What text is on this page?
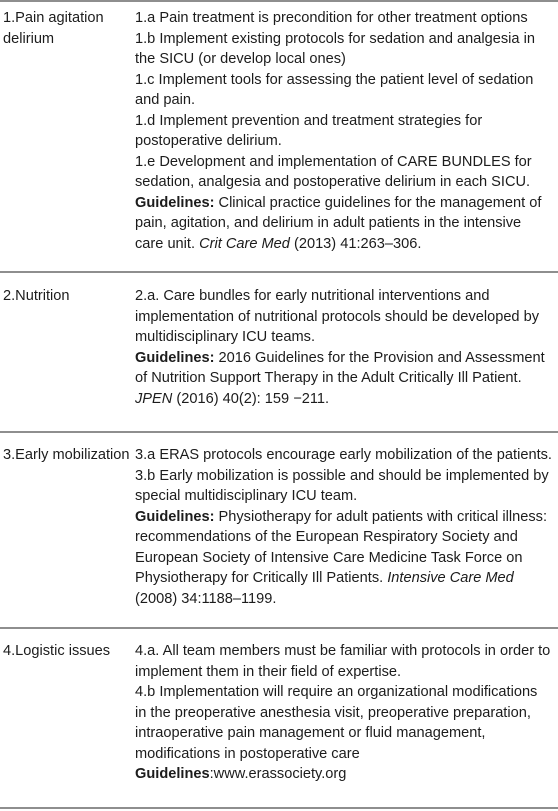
1.Pain agitation delirium
1.a Pain treatment is precondition for other treatment options
1.b Implement existing protocols for sedation and analgesia in the SICU (or develop local ones)
1.c Implement tools for assessing the patient level of sedation and pain.
1.d Implement prevention and treatment strategies for postoperative delirium.
1.e Development and implementation of CARE BUNDLES for sedation, analgesia and postoperative delirium in each SICU.
Guidelines: Clinical practice guidelines for the management of pain, agitation, and delirium in adult patients in the intensive care unit. Crit Care Med (2013) 41:263–306.
2.Nutrition	2.a. Care bundles for early nutritional interventions and implementation of nutritional protocols should be developed by multidisciplinary ICU teams.
Guidelines: 2016 Guidelines for the Provision and Assessment of Nutrition Support Therapy in the Adult Critically Ill Patient. JPEN (2016) 40(2): 159 −211.
3.Early mobilization 3.a ERAS protocols encourage early mobilization of the patients.
3.b Early mobilization is possible and should be implemented by special multidisciplinary ICU team.
Guidelines: Physiotherapy for adult patients with critical illness: recommendations of the European Respiratory Society and European Society of Intensive Care Medicine Task Force on Physiotherapy for Critically Ill Patients. Intensive Care Med (2008) 34:1188–1199.
4.Logistic issues	4.a. All team members must be familiar with protocols in order to implement them in their field of expertise.
4.b Implementation will require an organizational modifications in the preoperative anesthesia visit, preoperative preparation, intraoperative pain management or fluid management, modifications in postoperative care
Guidelines:www.erassociety.org
